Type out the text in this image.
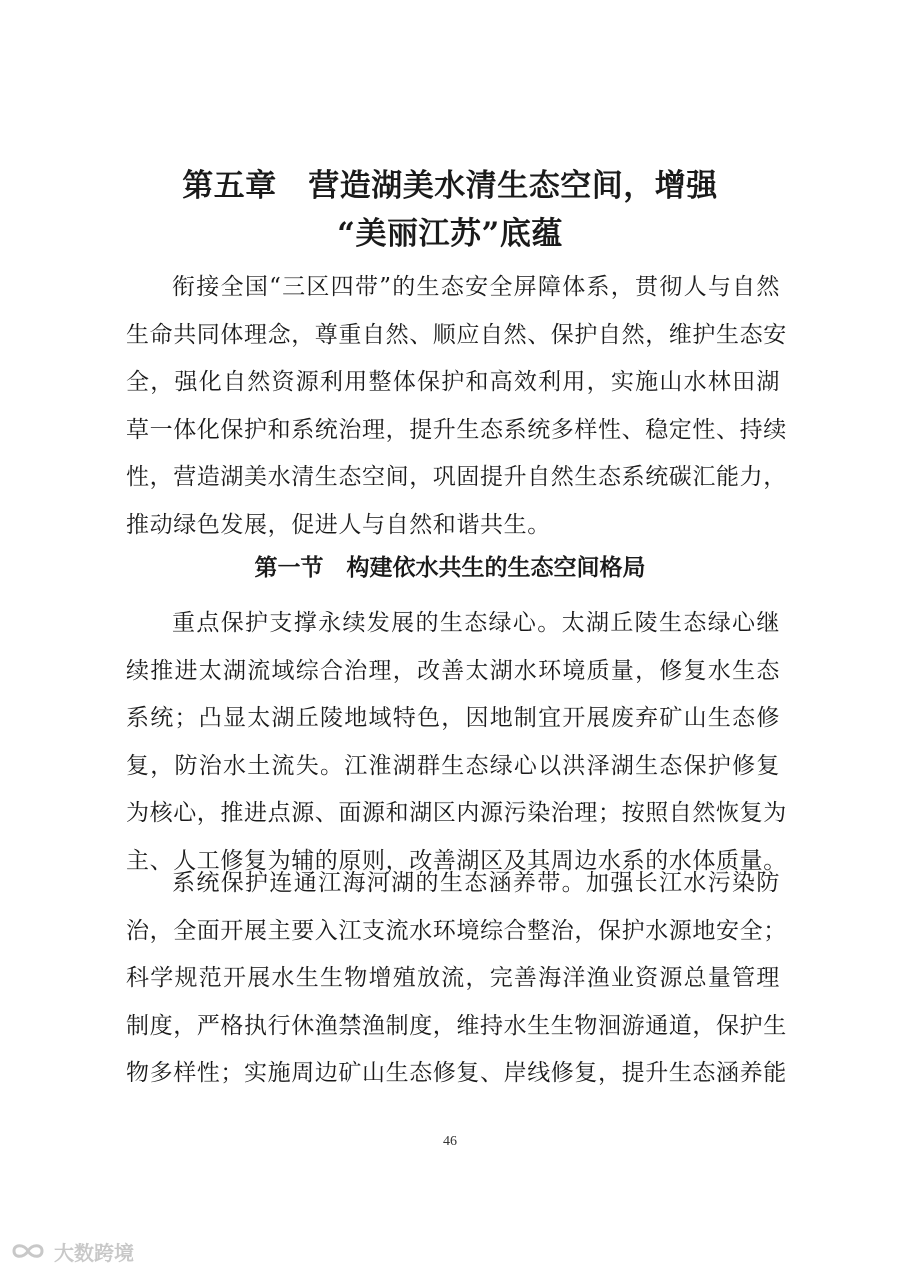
第五章　营造湖美水清生态空间，增强
“美丽江苏”底蕴
衔接全国“三区四带”的生态安全屏障体系，贯彻人与自然
生命共同体理念，尊重自然、顺应自然、保护自然，维护生态安
全，强化自然资源利用整体保护和高效利用，实施山水林田湖
草一体化保护和系统治理，提升生态系统多样性、稳定性、持续
性，营造湖美水清生态空间，巩固提升自然生态系统碳汇能力，
推动绿色发展，促进人与自然和谐共生。
第一节　构建依水共生的生态空间格局
重点保护支撑永续发展的生态绿心。太湖丘陵生态绿心继
续推进太湖流域综合治理，改善太湖水环境质量，修复水生态
系统；凸显太湖丘陵地域特色，因地制宜开展废弃矿山生态修
复，防治水土流失。江淮湖群生态绿心以洪泽湖生态保护修复
为核心，推进点源、面源和湖区内源污染治理；按照自然恢复为
主、人工修复为辅的原则，改善湖区及其周边水系的水体质量。
系统保护连通江海河湖的生态涵养带。加强长江水污染防
治，全面开展主要入江支流水环境综合整治，保护水源地安全；
科学规范开展水生生物增殖放流，完善海洋渔业资源总量管理
制度，严格执行休渔禁渔制度，维持水生生物洄游通道，保护生
物多样性；实施周边矿山生态修复、岸线修复，提升生态涵养能
46
大数跨境
